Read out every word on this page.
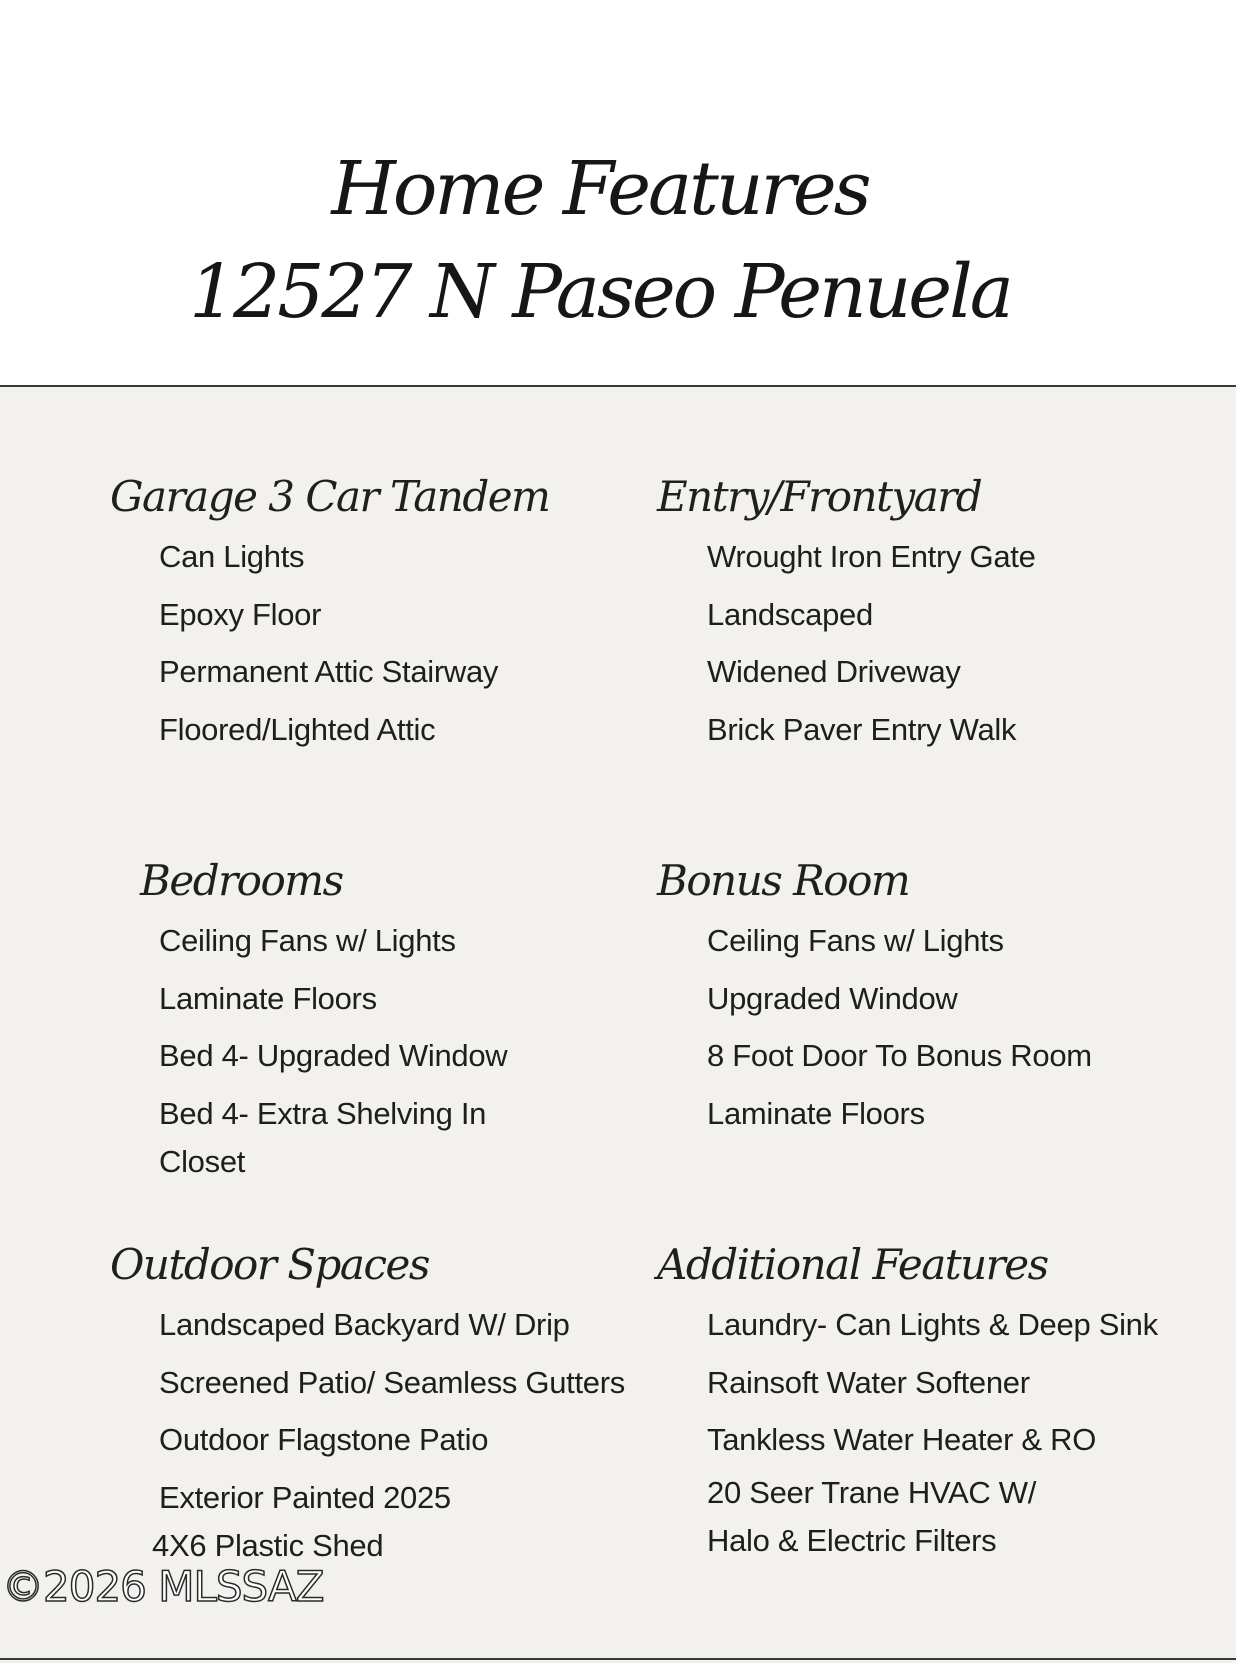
Home Features
12527 N Paseo Penuela
Garage 3 Car Tandem
Can Lights
Epoxy Floor
Permanent Attic Stairway
Floored/Lighted Attic
Entry/Frontyard
Wrought Iron Entry Gate
Landscaped
Widened Driveway
Brick Paver Entry Walk
Bedrooms
Ceiling Fans w/ Lights
Laminate Floors
Bed 4- Upgraded Window
Bed 4- Extra Shelving In Closet
Bonus Room
Ceiling Fans w/ Lights
Upgraded Window
8 Foot Door To Bonus Room
Laminate Floors
Outdoor Spaces
Landscaped Backyard W/ Drip
Screened Patio/ Seamless Gutters
Outdoor Flagstone Patio
Exterior Painted 2025
4X6 Plastic Shed
Additional Features
Laundry- Can Lights & Deep Sink
Rainsoft Water Softener
Tankless Water Heater & RO
20 Seer Trane HVAC W/ Halo & Electric Filters
©2026 MLSSAZ
